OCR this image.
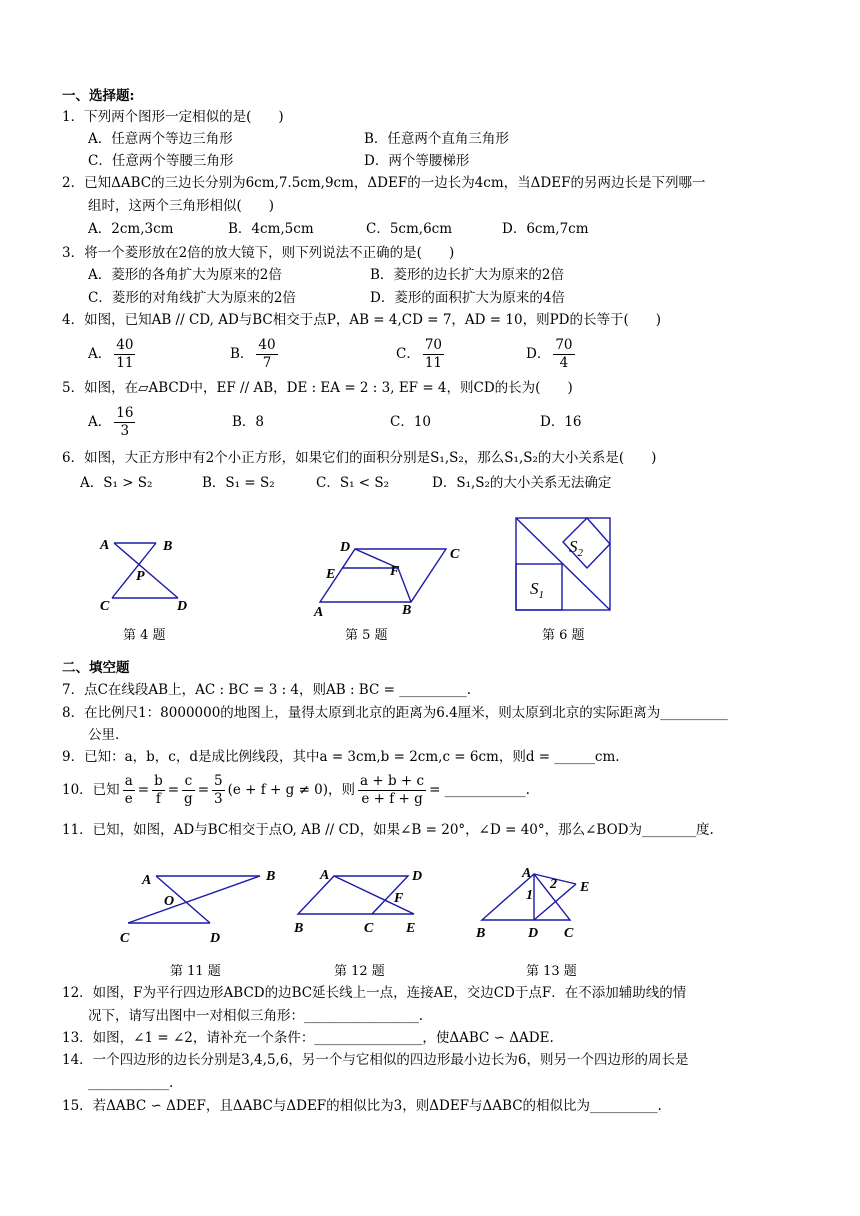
一、选择题:
1．下列两个图形一定相似的是(　　)
A．任意两个等边三角形	B．任意两个直角三角形
C．任意两个等腰三角形	D．两个等腰梯形
2．已知ΔABC的三边长分别为6cm,7.5cm,9cm，ΔDEF的一边长为4cm，当ΔDEF的另两边长是下列哪一
组时，这两个三角形相似(　　)
A．2cm,3cm	B．4cm,5cm	C．5cm,6cm	D．6cm,7cm
3．将一个菱形放在2倍的放大镜下，则下列说法不正确的是(　　)
A．菱形的各角扩大为原来的2倍	B．菱形的边长扩大为原来的2倍
C．菱形的对角线扩大为原来的2倍	D．菱形的面积扩大为原来的4倍
4．如图，已知AB // CD, AD与BC相交于点P，AB = 4,CD = 7，AD = 10，则PD的长等于(　　)
A． $\frac{40}{11}$	B． $\frac{40}{7}$	C． $\frac{70}{11}$	D． $\frac{70}{4}$
5．如图，在▱ABCD中，EF // AB，DE : EA = 2 : 3, EF = 4，则CD的长为(　　)
A． $\frac{16}{3}$	B．8	C．10	D．16
6．如图，大正方形中有2个小正方形，如果它们的面积分别是S₁,S₂，那么S₁,S₂的大小关系是(　　)
A．S₁ > S₂	B．S₁ = S₂	C．S₁ < S₂	D．S₁,S₂的大小关系无法确定
A	B
P
C	D
第 4 题
D	C
E	F
A	B
第 5 题
$S_2$
$S_1$
第 6 题
二、填空题
7．点C在线段AB上，AC : BC = 3 : 4，则AB : BC = __________.
8．在比例尺1：8000000的地图上，量得太原到北京的距离为6.4厘米，则太原到北京的实际距离为__________
公里.
9．已知：a，b，c，d是成比例线段，其中a = 3cm,b = 2cm,c = 6cm，则d = ______cm.
10．已知 $\frac{a}{e} = \frac{b}{f} = \frac{c}{g} = \frac{5}{3} (e + f + g \ne 0)$，则 $\frac{a + b + c}{e + f + g}$ = ____________.
11．已知，如图，AD与BC相交于点O, AB // CD，如果∠B = 20°，∠D = 40°，那么∠BOD为________度.
A	B
O
C	D
第 11 题
A	D
F
B	C E
第 12 题
A
E
1
2
B	D C
第 13 题
12．如图，F为平行四边形ABCD的边BC延长线上一点，连接AE，交边CD于点F．在不添加辅助线的情
况下，请写出图中一对相似三角形：_________________.
13．如图，∠1 = ∠2，请补充一个条件：________________，使ΔABC ∽ ΔADE.
14．一个四边形的边长分别是3,4,5,6，另一个与它相似的四边形最小边长为6，则另一个四边形的周长是
____________.
15．若ΔABC ∽ ΔDEF，且ΔABC与ΔDEF的相似比为3，则ΔDEF与ΔABC的相似比为__________.
